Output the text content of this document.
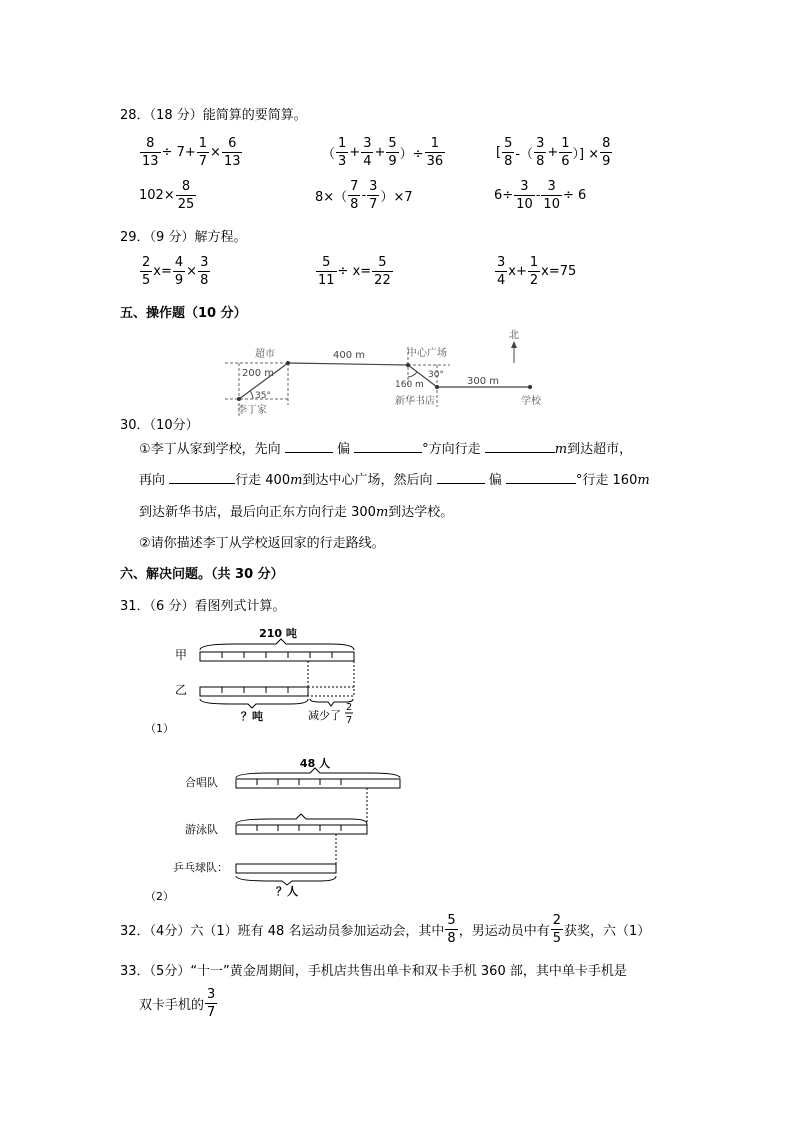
28．（18 分）能简算的要简算。
$\frac{8}{13} \div 7+ \frac{1}{7} \times \frac{6}{13}$	（ $\frac{1}{3} + \frac{3}{4} + \frac{5}{9}$ ）÷ $\frac{1}{36}$	[ $\frac{5}{8}$ -（ $\frac{3}{8} + \frac{1}{6}$ ）] × $\frac{8}{9}$
$102\times \frac{8}{25}$	$8\times( \frac{7}{8} - \frac{3}{7} )\times 7$	$6\div \frac{3}{10} - \frac{3}{10} \div 6$
29．（9 分）解方程。
$\frac{2}{5} x= \frac{4}{9} \times \frac{3}{8}$	$\frac{5}{11} \div x= \frac{5}{22}$	$\frac{3}{4} x+ \frac{1}{2} x=75$
五、操作题（10 分）
北
超市
200 m
35°
李丁家
400 m	中心广场
30°
160 m
新华书店
300 m
学校
30．（10分）
①李丁从家到学校，先向	偏	°方向行走	m到达超市，
再向	行走 400m到达中心广场，然后向	偏	°行走 160m
到达新华书店，最后向正东方向行走 300m到达学校。
②请你描述李丁从学校返回家的行走路线。
六、解决问题。（共 30 分）
31．（6 分）看图列式计算。
210 吨
甲
乙
？吨	减少了
2
7
（1）
48 人
合唱队
游泳队
乒乓球队：
？人
（2）
32．（4分）六（1）班有 48 名运动员参加运动会，其中 $\frac{5}{8}$ ，男运动员中有 $\frac{2}{5}$ 获奖，六（1）
33．（5分）“十一”黄金周期间，手机店共售出单卡和双卡手机 360 部，其中单卡手机是
双卡手机的 $\frac{3}{7}$
